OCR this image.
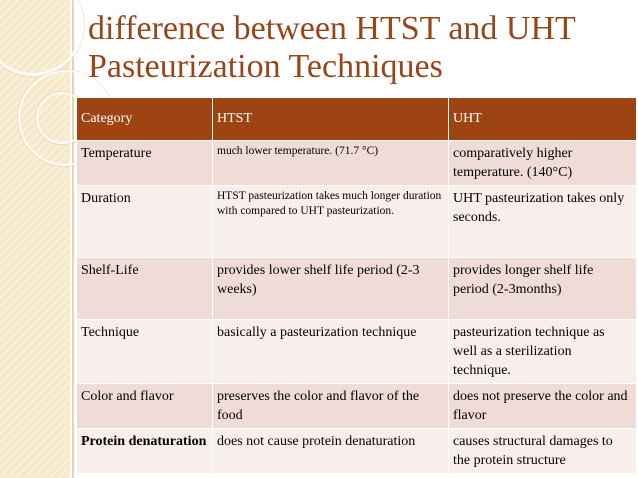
difference between HTST and UHT
Pasteurization Techniques
Category	HTST	UHT
Temperature	much lower temperature. (71.7 °C)	comparatively higher temperature. (140°C)
Duration	HTST pasteurization takes much longer duration with compared to UHT pasteurization.	UHT pasteurization takes only seconds.
Shelf-Life	provides lower shelf life period (2-3 weeks)	provides longer shelf life period (2-3months)
Technique	basically a pasteurization technique	pasteurization technique as well as a sterilization technique.
Color and flavor	preserves the color and flavor of the food	does not preserve the color and flavor
Protein denaturation	does not cause protein denaturation	causes structural damages to the protein structure
